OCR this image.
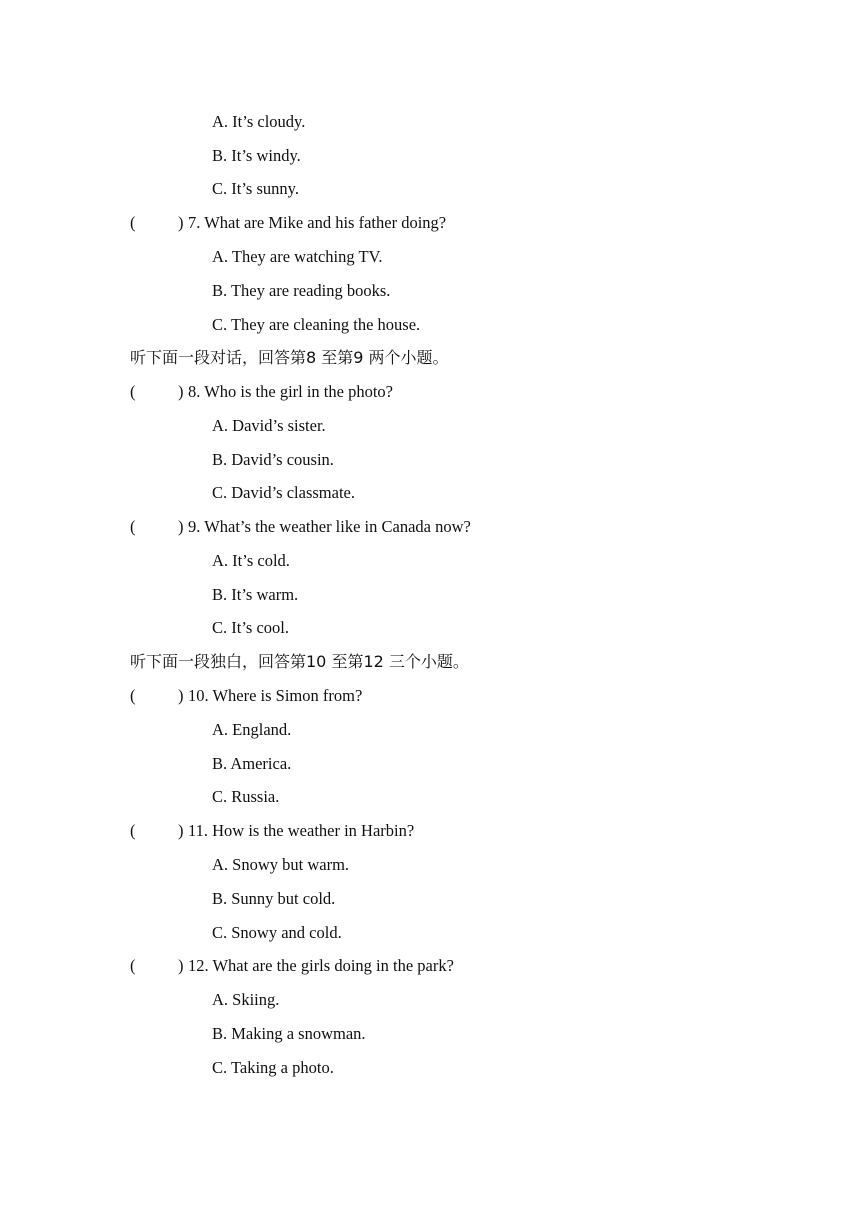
A. It’s cloudy.
B. It’s windy.
C. It’s sunny.
(	) 7. What are Mike and his father doing?
A. They are watching TV.
B. They are reading books.
C. They are cleaning the house.
听下面一段对话，回答第8 至第9 两个小题。
(	) 8. Who is the girl in the photo?
A. David’s sister.
B. David’s cousin.
C. David’s classmate.
(	) 9. What’s the weather like in Canada now?
A. It’s cold.
B. It’s warm.
C. It’s cool.
听下面一段独白，回答第10 至第12 三个小题。
(	) 10. Where is Simon from?
A. England.
B. America.
C. Russia.
(	) 11. How is the weather in Harbin?
A. Snowy but warm.
B. Sunny but cold.
C. Snowy and cold.
(	) 12. What are the girls doing in the park?
A. Skiing.
B. Making a snowman.
C. Taking a photo.
